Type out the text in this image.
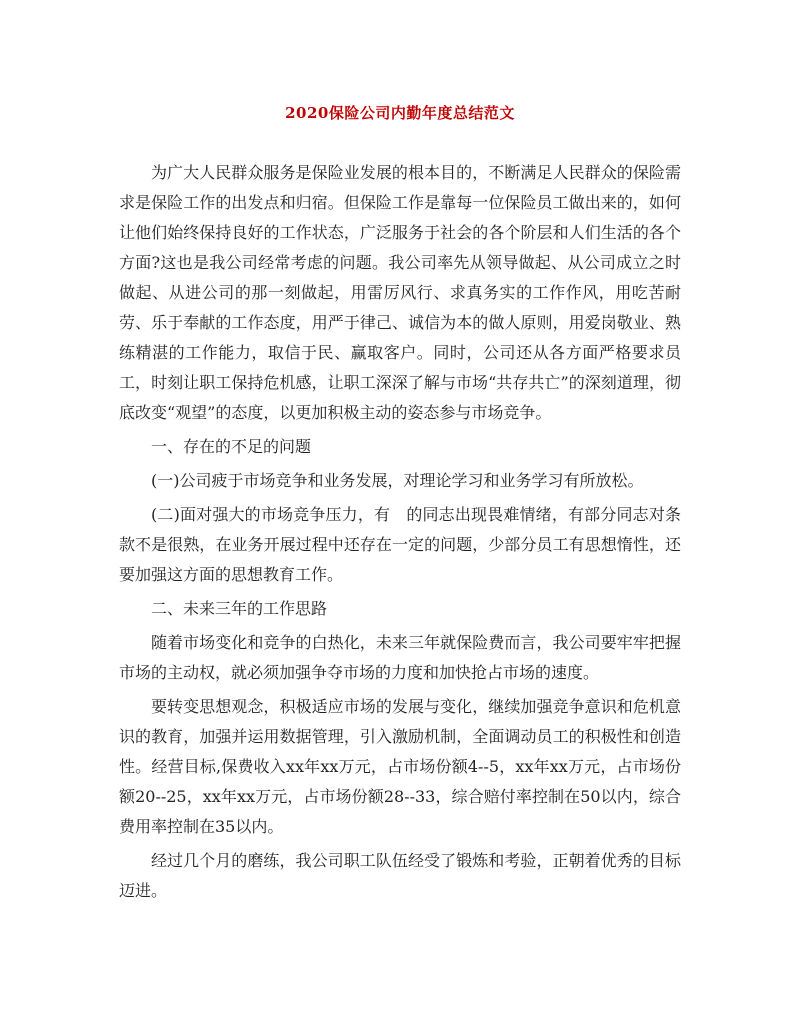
2020保险公司内勤年度总结范文

为广大人民群众服务是保险业发展的根本目的，不断满足人民群众的保险需求是保险工作的出发点和归宿。但保险工作是靠每一位保险员工做出来的，如何让他们始终保持良好的工作状态，广泛服务于社会的各个阶层和人们生活的各个方面?这也是我公司经常考虑的问题。我公司率先从领导做起、从公司成立之时做起、从进公司的那一刻做起，用雷厉风行、求真务实的工作作风，用吃苦耐劳、乐于奉献的工作态度，用严于律己、诚信为本的做人原则，用爱岗敬业、熟练精湛的工作能力，取信于民、赢取客户。同时，公司还从各方面严格要求员工，时刻让职工保持危机感，让职工深深了解与市场“共存共亡”的深刻道理，彻底改变“观望”的态度，以更加积极主动的姿态参与市场竞争。

一、存在的不足的问题

(一)公司疲于市场竞争和业务发展，对理论学习和业务学习有所放松。

(二)面对强大的市场竞争压力，有　的同志出现畏难情绪，有部分同志对条款不是很熟，在业务开展过程中还存在一定的问题，少部分员工有思想惰性，还要加强这方面的思想教育工作。

二、未来三年的工作思路

随着市场变化和竞争的白热化，未来三年就保险费而言，我公司要牢牢把握市场的主动权，就必须加强争夺市场的力度和加快抢占市场的速度。

要转变思想观念，积极适应市场的发展与变化，继续加强竞争意识和危机意识的教育，加强并运用数据管理，引入激励机制，全面调动员工的积极性和创造性。经营目标,保费收入xx年xx万元，占市场份额4--5，xx年xx万元，占市场份额20--25，xx年xx万元，占市场份额28--33，综合赔付率控制在50以内，综合费用率控制在35以内。

经过几个月的磨练，我公司职工队伍经受了锻炼和考验，正朝着优秀的目标迈进。
